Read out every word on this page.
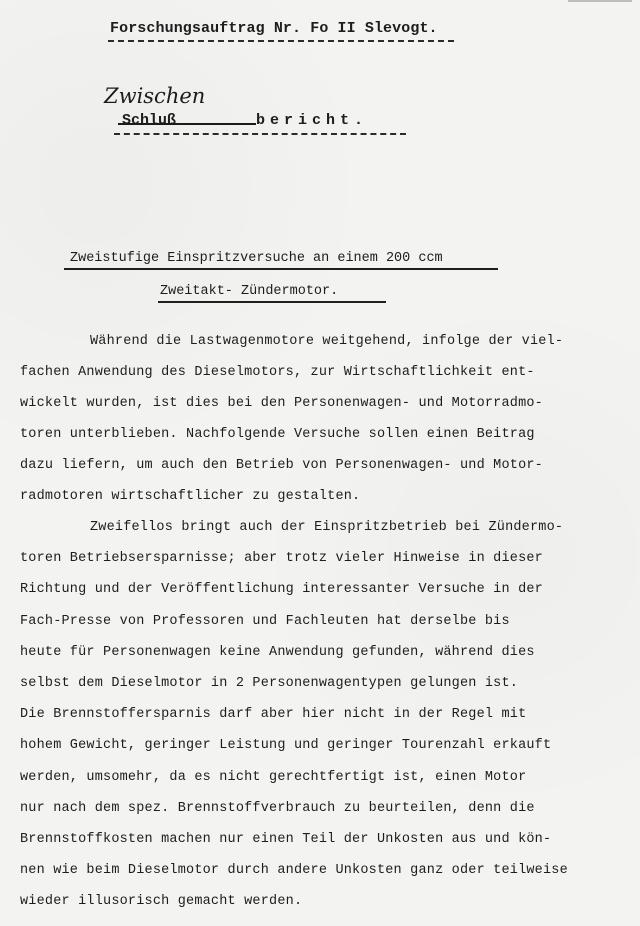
Forschungsauftrag Nr. Fo II Slevogt.
Zwischen
Schluß	bericht.
Zweistufige Einspritzversuche an einem 200 ccm
Zweitakt- Zündermotor.
Während die Lastwagenmotore weitgehend, infolge der viel-
fachen Anwendung des Dieselmotors, zur Wirtschaftlichkeit ent-
wickelt wurden, ist dies bei den Personenwagen- und Motorradmo-
toren unterblieben. Nachfolgende Versuche sollen einen Beitrag
dazu liefern, um auch den Betrieb von Personenwagen- und Motor-
radmotoren wirtschaftlicher zu gestalten.
Zweifellos bringt auch der Einspritzbetrieb bei Zündermo-
toren Betriebsersparnisse; aber trotz vieler Hinweise in dieser
Richtung und der Veröffentlichung interessanter Versuche in der
Fach-Presse von Professoren und Fachleuten hat derselbe bis
heute für Personenwagen keine Anwendung gefunden, während dies
selbst dem Dieselmotor in 2 Personenwagentypen gelungen ist.
Die Brennstoffersparnis darf aber hier nicht in der Regel mit
hohem Gewicht, geringer Leistung und geringer Tourenzahl erkauft
werden, umsomehr, da es nicht gerechtfertigt ist, einen Motor
nur nach dem spez. Brennstoffverbrauch zu beurteilen, denn die
Brennstoffkosten machen nur einen Teil der Unkosten aus und kön-
nen wie beim Dieselmotor durch andere Unkosten ganz oder teilweise
wieder illusorisch gemacht werden.
